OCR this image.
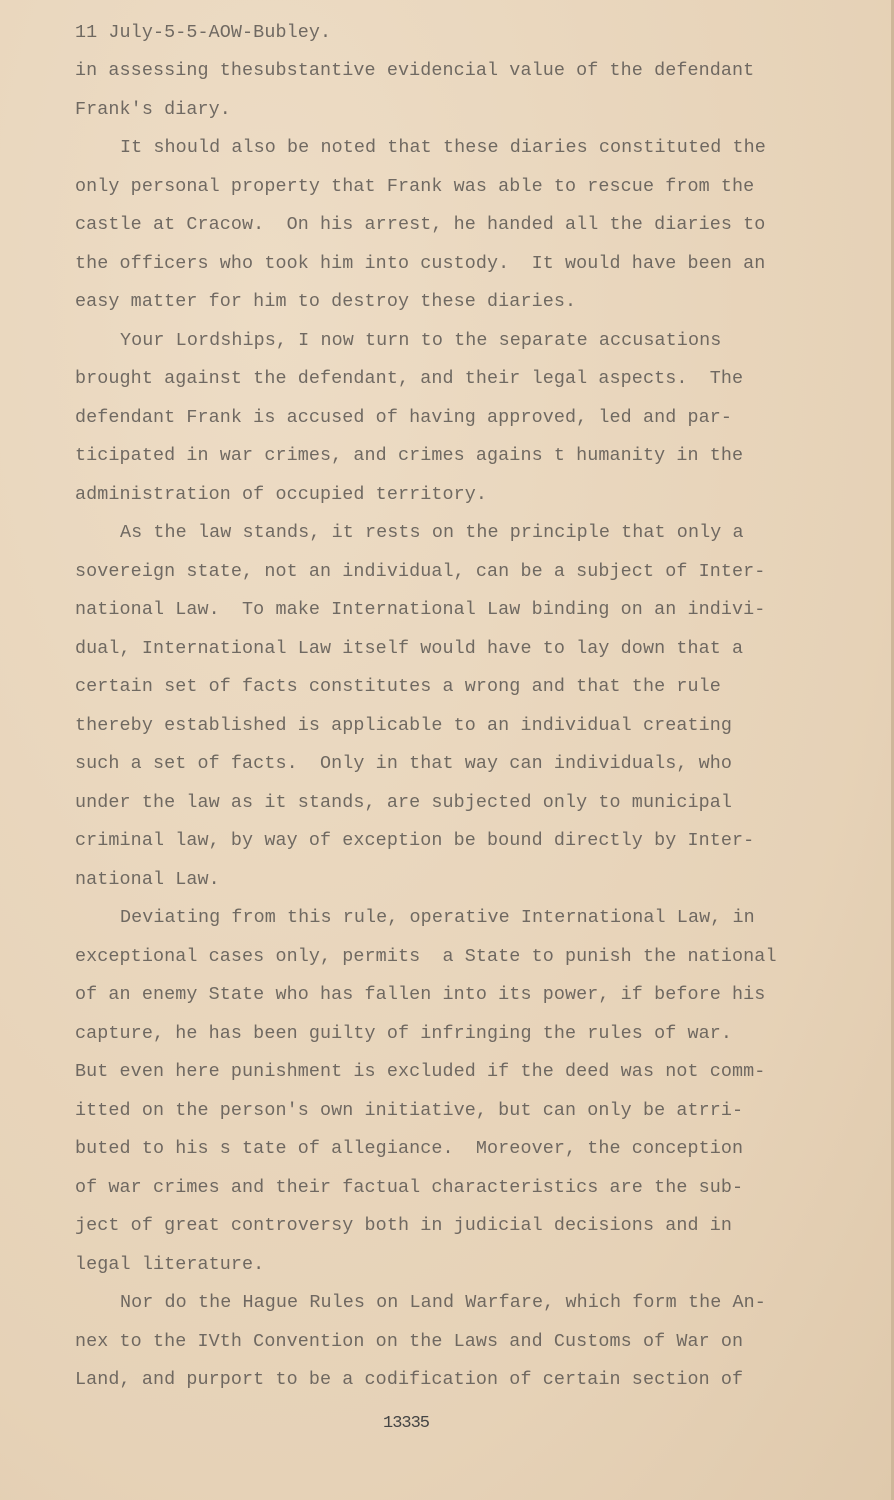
11 July-5-5-AOW-Bubley.
in assessing thesubstantive evidencial value of the defendant
Frank's diary.
It should also be noted that these diaries constituted the
only personal property that Frank was able to rescue from the
castle at Cracow.  On his arrest, he handed all the diaries to
the officers who took him into custody.  It would have been an
easy matter for him to destroy these diaries.
Your Lordships, I now turn to the separate accusations
brought against the defendant, and their legal aspects.  The
defendant Frank is accused of having approved, led and par-
ticipated in war crimes, and crimes agains t humanity in the
administration of occupied territory.
As the law stands, it rests on the principle that only a
sovereign state, not an individual, can be a subject of Inter-
national Law.  To make International Law binding on an indivi-
dual, International Law itself would have to lay down that a
certain set of facts constitutes a wrong and that the rule
thereby established is applicable to an individual creating
such a set of facts.  Only in that way can individuals, who
under the law as it stands, are subjected only to municipal
criminal law, by way of exception be bound directly by Inter-
national Law.
Deviating from this rule, operative International Law, in
exceptional cases only, permits  a State to punish the national
of an enemy State who has fallen into its power, if before his
capture, he has been guilty of infringing the rules of war.
But even here punishment is excluded if the deed was not comm-
itted on the person's own initiative, but can only be atrri-
buted to his s tate of allegiance.  Moreover, the conception
of war crimes and their factual characteristics are the sub-
ject of great controversy both in judicial decisions and in
legal literature.
Nor do the Hague Rules on Land Warfare, which form the An-
nex to the IVth Convention on the Laws and Customs of War on
Land, and purport to be a codification of certain section of
13335
